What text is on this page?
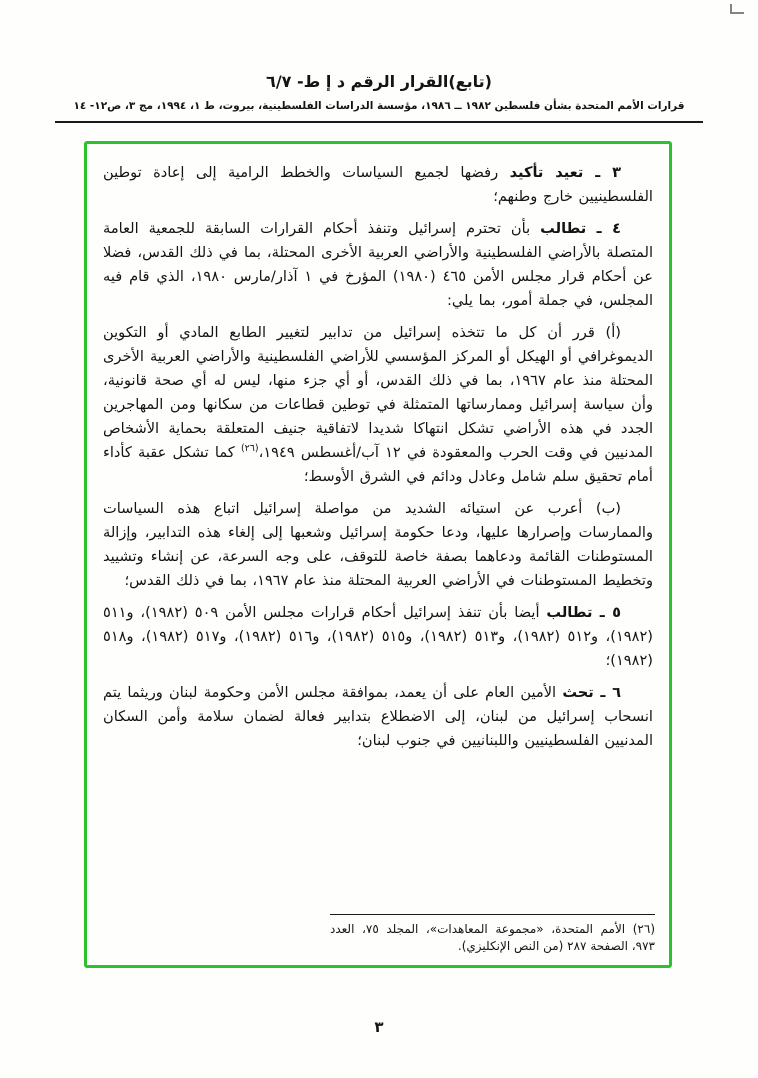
(تابع)القرار الرقم د إ ط- ٦/٧
قرارات الأمم المتحدة بشأن فلسطين ١٩٨٢ ــ ١٩٨٦، مؤسسة الدراسات الفلسطينية، بيروت، ط ١، ١٩٩٤، مج ٣، ص١٢- ١٤

٣ ـ تعيد تأكيد رفضها لجميع السياسات والخطط الرامية إلى إعادة توطين الفلسطينيين خارج وطنهم؛

٤ ـ تطالب بأن تحترم إسرائيل وتنفذ أحكام القرارات السابقة للجمعية العامة المتصلة بالأراضي الفلسطينية والأراضي العربية الأخرى المحتلة، بما في ذلك القدس، فضلا عن أحكام قرار مجلس الأمن ٤٦٥ (١٩٨٠) المؤرخ في ١ آذار/مارس ١٩٨٠، الذي قام فيه المجلس، في جملة أمور، بما يلي:

(أ) قرر أن كل ما تتخذه إسرائيل من تدابير لتغيير الطابع المادي أو التكوين الديموغرافي أو الهيكل أو المركز المؤسسي للأراضي الفلسطينية والأراضي العربية الأخرى المحتلة منذ عام ١٩٦٧، بما في ذلك القدس، أو أي جزء منها، ليس له أي صحة قانونية، وأن سياسة إسرائيل وممارساتها المتمثلة في توطين قطاعات من سكانها ومن المهاجرين الجدد في هذه الأراضي تشكل انتهاكا شديدا لاتفاقية جنيف المتعلقة بحماية الأشخاص المدنيين في وقت الحرب والمعقودة في ١٢ آب/أغسطس ١٩٤٩،$^{(٢٦)}$ كما تشكل عقبة كأداء أمام تحقيق سلم شامل وعادل ودائم في الشرق الأوسط؛

(ب) أعرب عن استيائه الشديد من مواصلة إسرائيل اتباع هذه السياسات والممارسات وإصرارها عليها، ودعا حكومة إسرائيل وشعبها إلى إلغاء هذه التدابير، وإزالة المستوطنات القائمة ودعاهما بصفة خاصة للتوقف، على وجه السرعة، عن إنشاء وتشييد وتخطيط المستوطنات في الأراضي العربية المحتلة منذ عام ١٩٦٧، بما في ذلك القدس؛

٥ ـ تطالب أيضا بأن تنفذ إسرائيل أحكام قرارات مجلس الأمن ٥٠٩ (١٩٨٢)، و٥١١ (١٩٨٢)، و٥١٢ (١٩٨٢)، و٥١٣ (١٩٨٢)، و٥١٥ (١٩٨٢)، و٥١٦ (١٩٨٢)، و٥١٧ (١٩٨٢)، و٥١٨ (١٩٨٢)؛

٦ ـ تحث الأمين العام على أن يعمد، بموافقة مجلس الأمن وحكومة لبنان وريثما يتم انسحاب إسرائيل من لبنان، إلى الاضطلاع بتدابير فعالة لضمان سلامة وأمن السكان المدنيين الفلسطينيين واللبنانيين في جنوب لبنان؛

(٢٦) الأمم المتحدة، «مجموعة المعاهدات»، المجلد ٧٥، العدد ٩٧٣، الصفحة ٢٨٧ (من النص الإنكليزي).

٣
